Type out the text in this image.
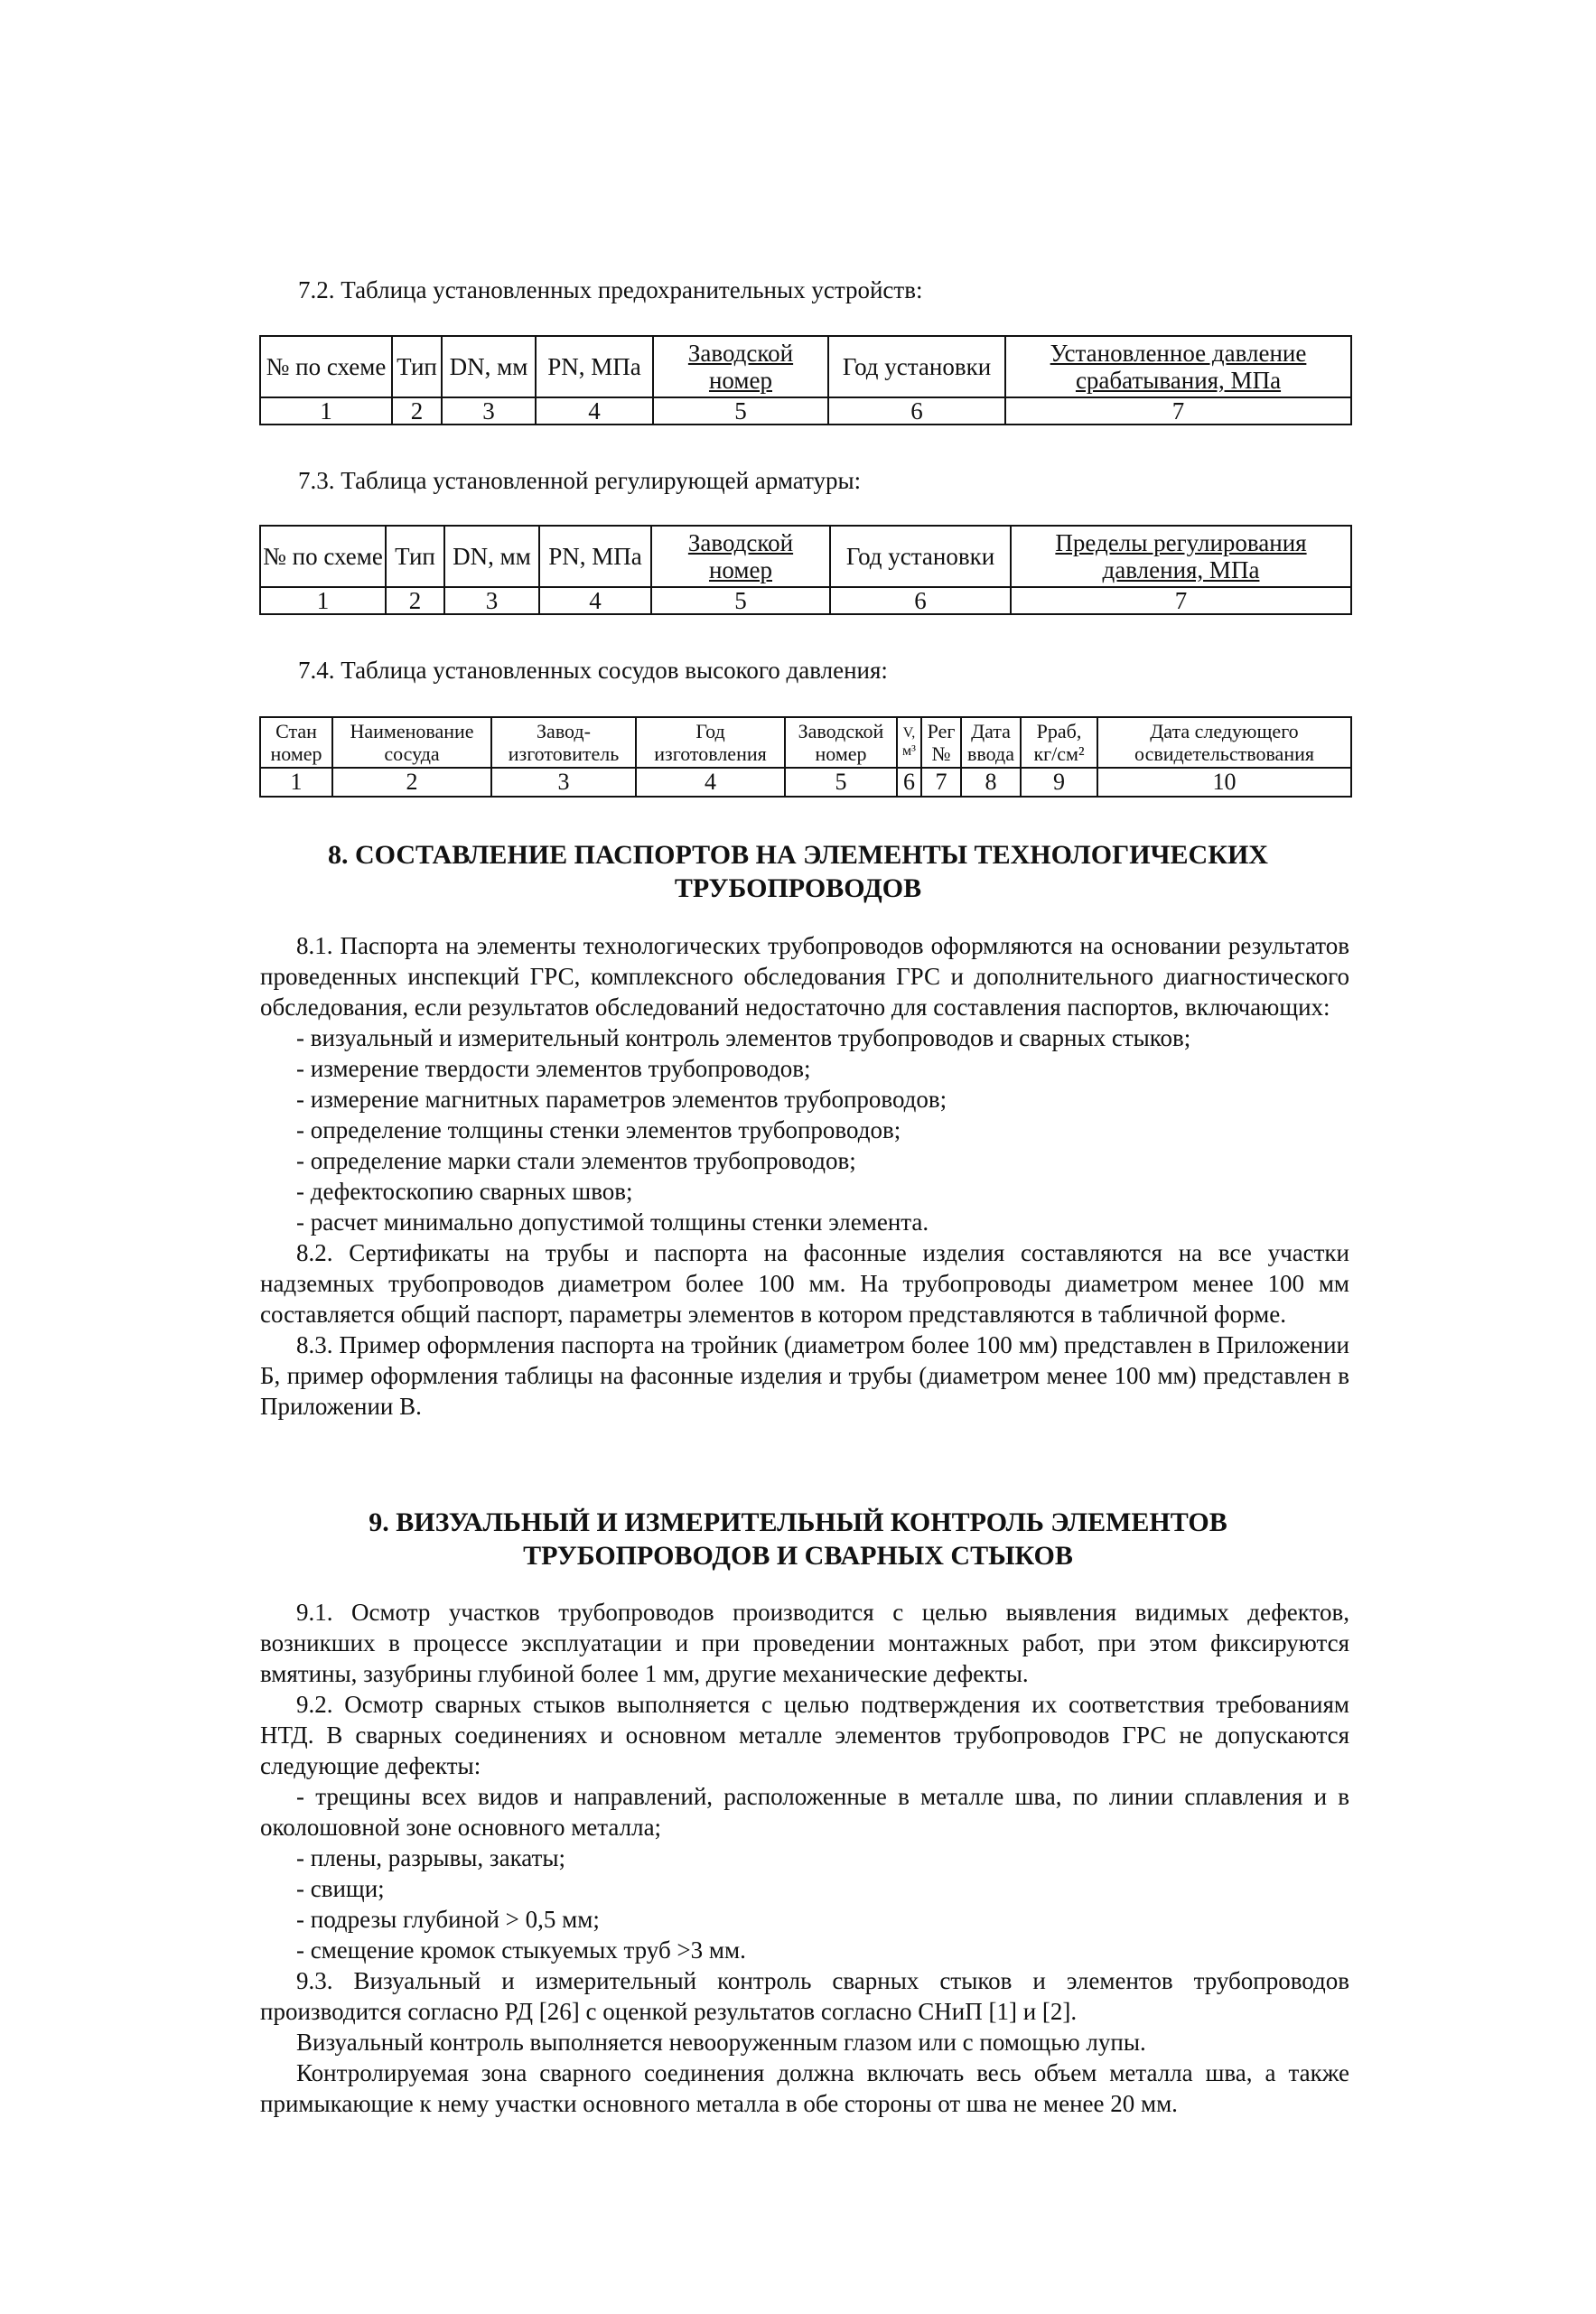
7.2. Таблица установленных предохранительных устройств:
№ по схеме	Тип	DN, мм	PN, МПа	Заводской номер	Год установки	Установленное давление срабатывания, МПа
1	2	3	4	5	6	7
7.3. Таблица установленной регулирующей арматуры:
№ по схеме	Тип	DN, мм	PN, МПа	Заводской номер	Год установки	Пределы регулирования давления, МПа
1	2	3	4	5	6	7
7.4. Таблица установленных сосудов высокого давления:
Стан номер	Наименование сосуда	Завод-изготовитель	Год изготовления	Заводской номер	V, м³	Рег №	Дата ввода	Рраб, кг/см²	Дата следующего освидетельствования
1	2	3	4	5	6	7	8	9	10
8. СОСТАВЛЕНИЕ ПАСПОРТОВ НА ЭЛЕМЕНТЫ ТЕХНОЛОГИЧЕСКИХ
ТРУБОПРОВОДОВ

8.1. Паспорта на элементы технологических трубопроводов оформляются на основании результатов проведенных инспекций ГРС, комплексного обследования ГРС и дополнительного диагностического обследования, если результатов обследований недостаточно для составления паспортов, включающих:

- визуальный и измерительный контроль элементов трубопроводов и сварных стыков;

- измерение твердости элементов трубопроводов;

- измерение магнитных параметров элементов трубопроводов;

- определение толщины стенки элементов трубопроводов;

- определение марки стали элементов трубопроводов;

- дефектоскопию сварных швов;

- расчет минимально допустимой толщины стенки элемента.

8.2. Сертификаты на трубы и паспорта на фасонные изделия составляются на все участки надземных трубопроводов диаметром более 100 мм. На трубопроводы диаметром менее 100 мм составляется общий паспорт, параметры элементов в котором представляются в табличной форме.

8.3. Пример оформления паспорта на тройник (диаметром более 100 мм) представлен в Приложении Б, пример оформления таблицы на фасонные изделия и трубы (диаметром менее 100 мм) представлен в Приложении В.

9. ВИЗУАЛЬНЫЙ И ИЗМЕРИТЕЛЬНЫЙ КОНТРОЛЬ ЭЛЕМЕНТОВ
ТРУБОПРОВОДОВ И СВАРНЫХ СТЫКОВ

9.1. Осмотр участков трубопроводов производится с целью выявления видимых дефектов, возникших в процессе эксплуатации и при проведении монтажных работ, при этом фиксируются вмятины, зазубрины глубиной более 1 мм, другие механические дефекты.

9.2. Осмотр сварных стыков выполняется с целью подтверждения их соответствия требованиям НТД. В сварных соединениях и основном металле элементов трубопроводов ГРС не допускаются следующие дефекты:

- трещины всех видов и направлений, расположенные в металле шва, по линии сплавления и в околошовной зоне основного металла;

- плены, разрывы, закаты;

- свищи;

- подрезы глубиной > 0,5 мм;

- смещение кромок стыкуемых труб >3 мм.

9.3. Визуальный и измерительный контроль сварных стыков и элементов трубопроводов производится согласно РД [26] с оценкой результатов согласно СНиП [1] и [2].

Визуальный контроль выполняется невооруженным глазом или с помощью лупы.

Контролируемая зона сварного соединения должна включать весь объем металла шва, а также примыкающие к нему участки основного металла в обе стороны от шва не менее 20 мм.
